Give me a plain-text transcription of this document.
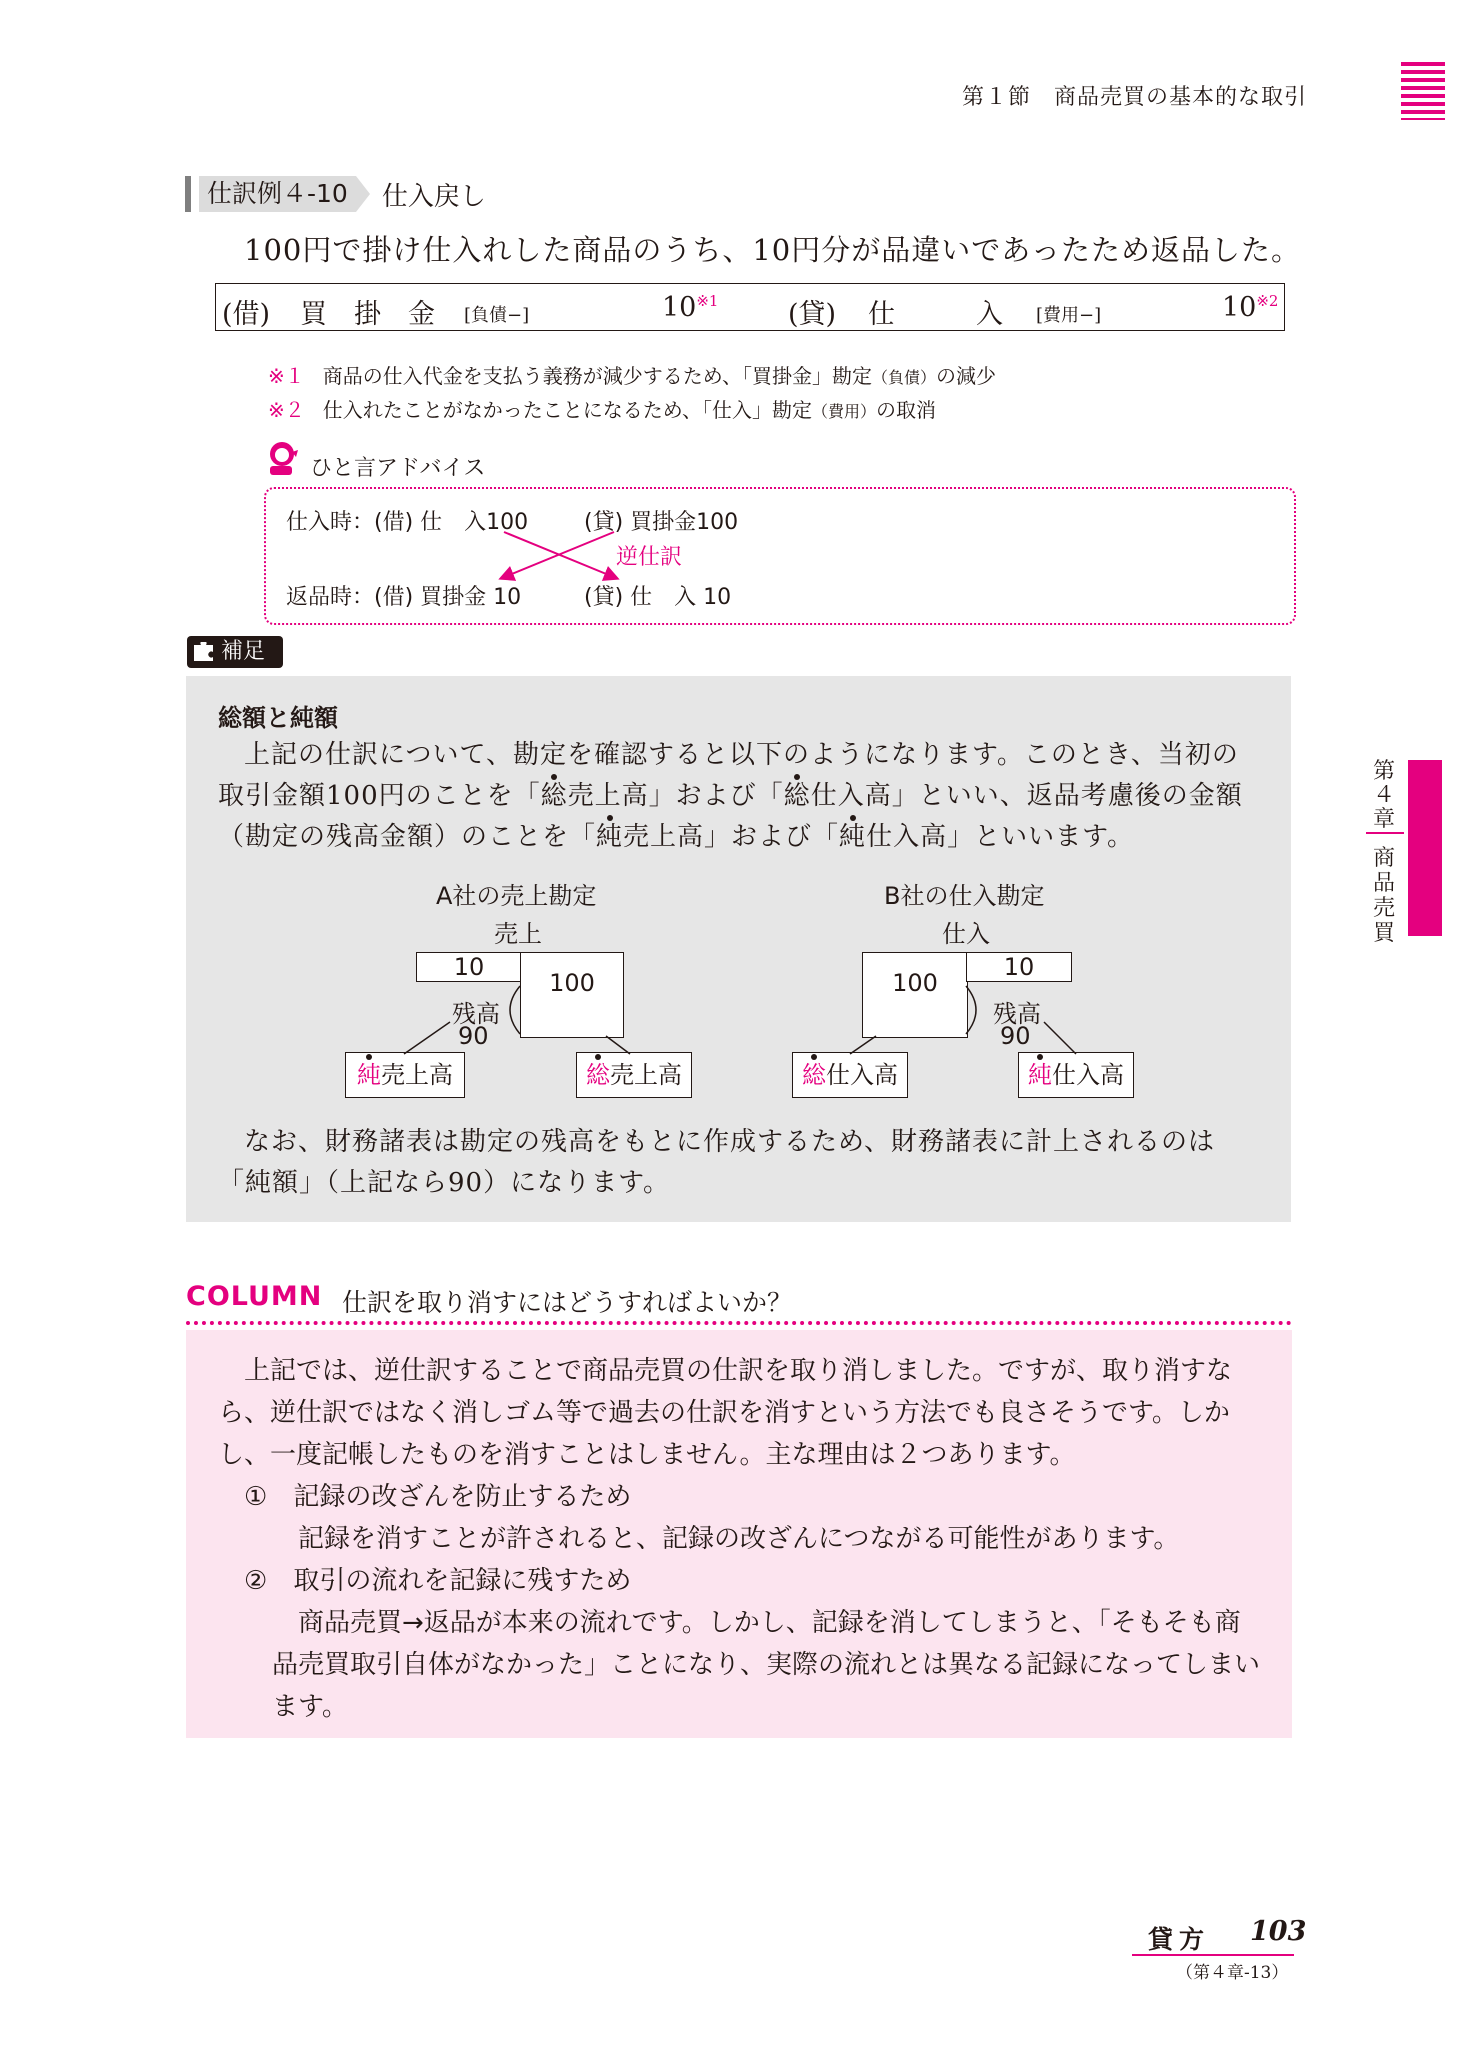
第１節　商品売買の基本的な取引
仕訳例４-10	仕入戻し
100円で掛け仕入れした商品のうち、10円分が品違いであったため返品した。
(借) 買　掛　金 [負債−]	10$^{※1}$	(貸) 仕　　　入 [費用−]	10$^{※2}$
※１ 商品の仕入代金を支払う義務が減少するため、「買掛金」勘定（負債）の減少
※２ 仕入れたことがなかったことになるため、「仕入」勘定（費用）の取消
ひと言アドバイス
仕入時：(借) 仕　入100	(貸) 買掛金100
逆仕訳
返品時：(借) 買掛金 10	(貸) 仕　入 10
補足
総額と純額
上記の仕訳について、勘定を確認すると以下のようになります。このとき、当初の取引金額100円のことを「総売上高」および「総仕入高」といい、返品考慮後の金額（勘定の残高金額）のことを「純売上高」および「純仕入高」といいます。
A社の売上勘定
売上
10
100
残高
90
純売上高	総売上高
B社の仕入勘定
仕入
100
10
残高
90
総仕入高	純仕入高
なお、財務諸表は勘定の残高をもとに作成するため、財務諸表に計上されるのは「純額」（上記なら90）になります。
COLUMN 仕訳を取り消すにはどうすればよいか？
上記では、逆仕訳することで商品売買の仕訳を取り消しました。ですが、取り消すなら、逆仕訳ではなく消しゴム等で過去の仕訳を消すという方法でも良さそうです。しかし、一度記帳したものを消すことはしません。主な理由は２つあります。
①　 記録の改ざんを防止するため
記録を消すことが許されると、記録の改ざんにつながる可能性があります。
②　 取引の流れを記録に残すため
商品売買→返品が本来の流れです。しかし、記録を消してしまうと、「そもそも商品売買取引自体がなかった」ことになり、実際の流れとは異なる記録になってしまいます。
第４章
商品売買
貸方 103
（第４章-13）
